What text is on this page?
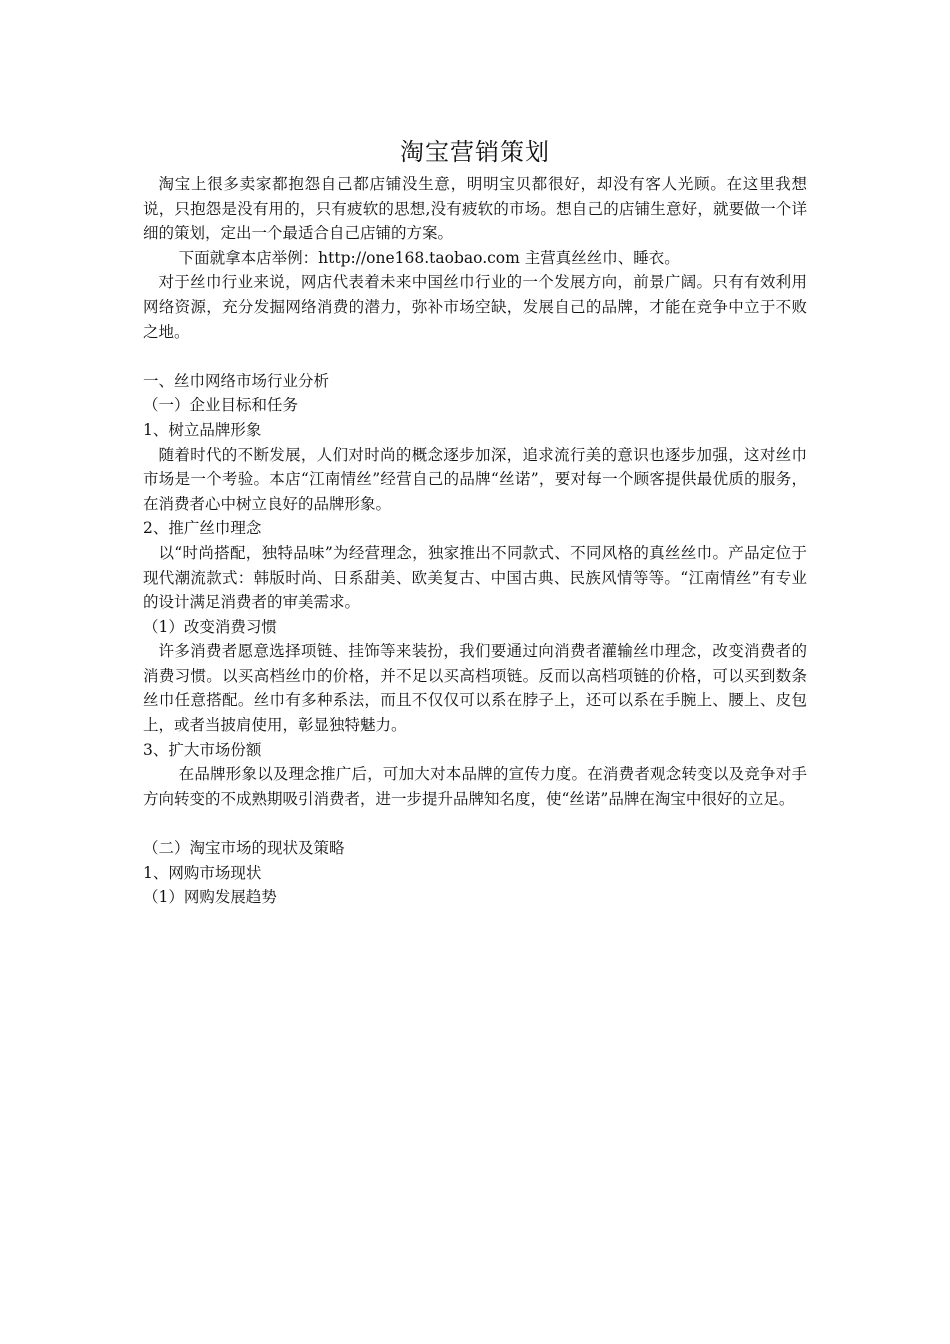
淘宝营销策划

淘宝上很多卖家都抱怨自己都店铺没生意，明明宝贝都很好，却没有客人光顾。在这里我想说，只抱怨是没有用的，只有疲软的思想,没有疲软的市场。想自己的店铺生意好，就要做一个详细的策划，定出一个最适合自己店铺的方案。

下面就拿本店举例：http://one168.taobao.com 主营真丝丝巾、睡衣。

对于丝巾行业来说，网店代表着未来中国丝巾行业的一个发展方向，前景广阔。只有有效利用网络资源，充分发掘网络消费的潜力，弥补市场空缺，发展自己的品牌，才能在竞争中立于不败之地。

一、丝巾网络市场行业分析

（一）企业目标和任务

1、树立品牌形象

随着时代的不断发展，人们对时尚的概念逐步加深，追求流行美的意识也逐步加强，这对丝巾市场是一个考验。本店“江南情丝”经营自己的品牌“丝诺”，要对每一个顾客提供最优质的服务，在消费者心中树立良好的品牌形象。

2、推广丝巾理念

以“时尚搭配，独特品味”为经营理念，独家推出不同款式、不同风格的真丝丝巾。产品定位于现代潮流款式：韩版时尚、日系甜美、欧美复古、中国古典、民族风情等等。“江南情丝”有专业的设计满足消费者的审美需求。

（1）改变消费习惯

许多消费者愿意选择项链、挂饰等来装扮，我们要通过向消费者灌输丝巾理念，改变消费者的消费习惯。以买高档丝巾的价格，并不足以买高档项链。反而以高档项链的价格，可以买到数条丝巾任意搭配。丝巾有多种系法，而且不仅仅可以系在脖子上，还可以系在手腕上、腰上、皮包上，或者当披肩使用，彰显独特魅力。

3、扩大市场份额

在品牌形象以及理念推广后，可加大对本品牌的宣传力度。在消费者观念转变以及竞争对手方向转变的不成熟期吸引消费者，进一步提升品牌知名度，使“丝诺”品牌在淘宝中很好的立足。

（二）淘宝市场的现状及策略

1、网购市场现状

（1）网购发展趋势
